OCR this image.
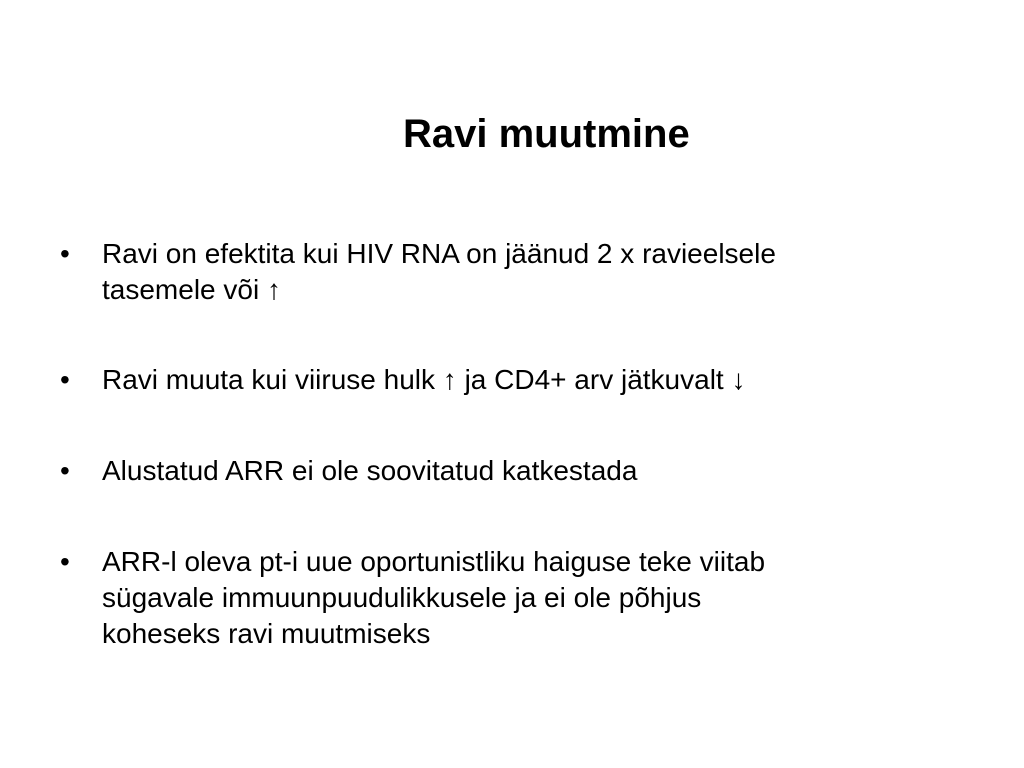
Ravi muutmine
• Ravi on efektita kui HIV RNA on jäänud 2 x ravieelsele
tasemele või ↑
• Ravi muuta kui viiruse hulk ↑ ja CD4+ arv jätkuvalt ↓
• Alustatud ARR ei ole soovitatud katkestada
• ARR-l oleva pt-i uue oportunistliku haiguse teke viitab
sügavale immuunpuudulikkusele ja ei ole põhjus
koheseks ravi muutmiseks
